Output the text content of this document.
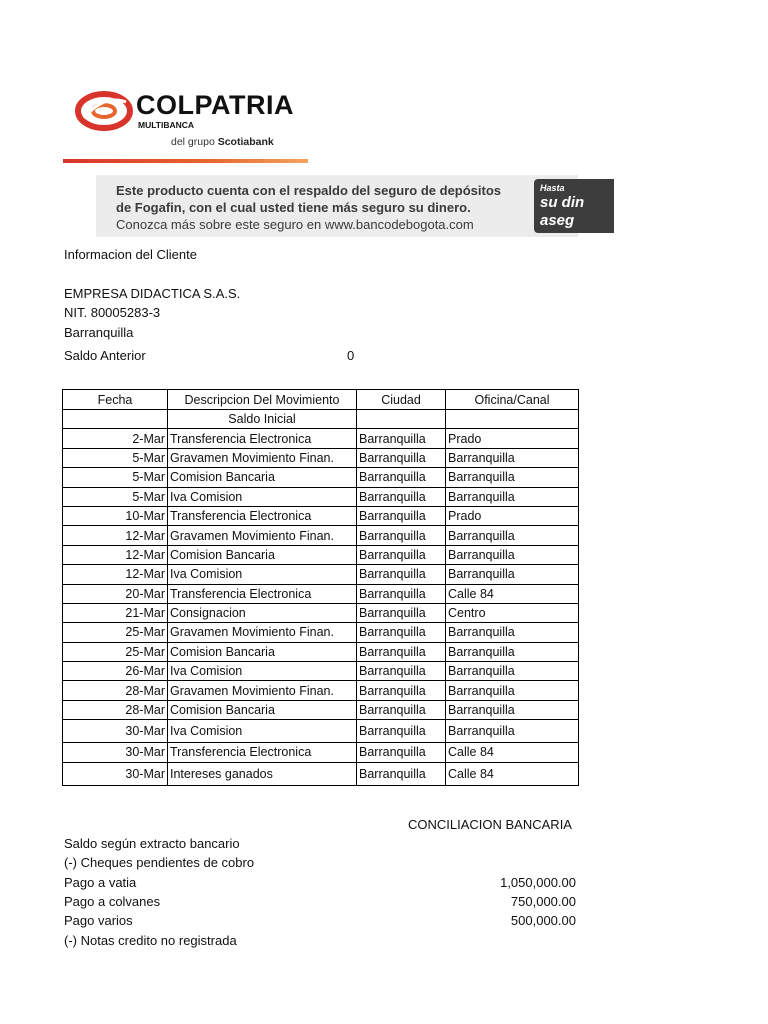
COLPATRIA
MULTIBANCA
del grupo Scotiabank
Este producto cuenta con el respaldo del seguro de depósitos
de Fogafin, con el cual usted tiene más seguro su dinero.
Conozca más sobre este seguro en www.bancodebogota.com
Hasta
su din
aseg
Informacion del Cliente
EMPRESA DIDACTICA S.A.S.
NIT. 80005283-3
Barranquilla
Saldo Anterior	0
Fecha	Descripcion Del Movimiento	Ciudad	Oficina/Canal
	Saldo Inicial		
2-Mar	Transferencia Electronica	Barranquilla	Prado
5-Mar	Gravamen Movimiento Finan.	Barranquilla	Barranquilla
5-Mar	Comision Bancaria	Barranquilla	Barranquilla
5-Mar	Iva Comision	Barranquilla	Barranquilla
10-Mar	Transferencia Electronica	Barranquilla	Prado
12-Mar	Gravamen Movimiento Finan.	Barranquilla	Barranquilla
12-Mar	Comision Bancaria	Barranquilla	Barranquilla
12-Mar	Iva Comision	Barranquilla	Barranquilla
20-Mar	Transferencia Electronica	Barranquilla	Calle 84
21-Mar	Consignacion	Barranquilla	Centro
25-Mar	Gravamen Movimiento Finan.	Barranquilla	Barranquilla
25-Mar	Comision Bancaria	Barranquilla	Barranquilla
26-Mar	Iva Comision	Barranquilla	Barranquilla
28-Mar	Gravamen Movimiento Finan.	Barranquilla	Barranquilla
28-Mar	Comision Bancaria	Barranquilla	Barranquilla
30-Mar	Iva Comision	Barranquilla	Barranquilla
30-Mar	Transferencia Electronica	Barranquilla	Calle 84
30-Mar	Intereses ganados	Barranquilla	Calle 84
CONCILIACION BANCARIA
Saldo según extracto bancario
(-) Cheques pendientes de cobro
Pago a vatia	1,050,000.00
Pago a colvanes	750,000.00
Pago varios	500,000.00
(-) Notas credito no registrada
